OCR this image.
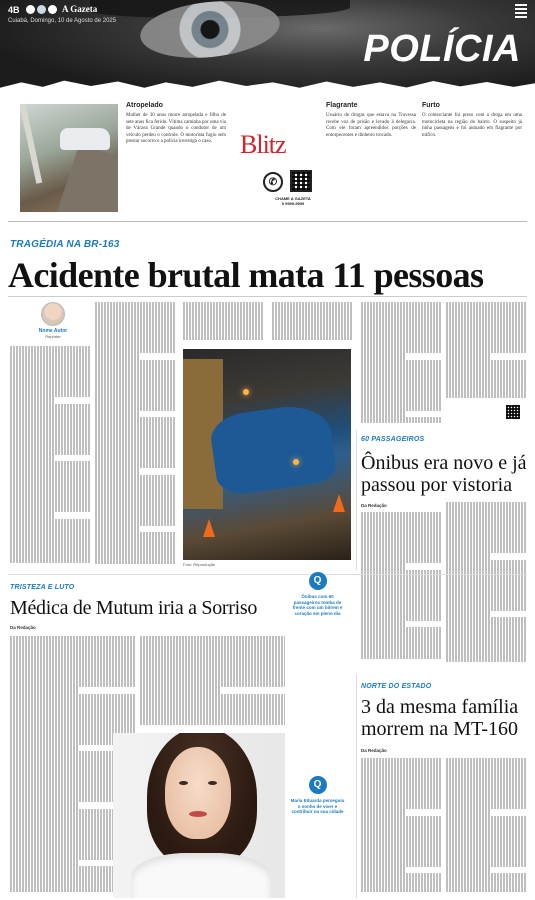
4B	A Gazeta
Cuiabá, Domingo, 10 de Agosto de 2025
POLÍCIA
Atropelado

Mulher de 30 anos morre atropelada e filho de sete anos fica ferido. Vítima caminha por uma via de Várzea Grande quando o condutor de um veículo perdeu o controle. O motorista fugiu sem prestar socorro e a polícia investiga o caso.	Blitz
✆
CHAME A GAZETA
9 9999-9999
Flagrante

Usuário de drogas que estava na Travessa recebe voz de prisão e levado à delegacia. Com ele foram apreendidos porções de entorpecentes e dinheiro trocado.

Furto

O comerciante foi preso com a droga em uma motocicleta na região do bairro. O suspeito já tinha passagens e foi autuado em flagrante por tráfico.

TRAGÉDIA NA BR-163
Acidente brutal mata 11 pessoas
Nome Autor
Repórter
Foto: Reprodução
60 PASSAGEIROS
Ônibus era novo e já passou por vistoria
Da Redação
TRISTEZA E LUTO
Médica de Mutum iria a Sorriso
Da Redação
Q

Ônibus com 60 passageiros tomba de frente com um bitrem e coração em pleno dia

Q

Maria Eduarda perseguiu o sonho de viver e contribuir na sua cidade

NORTE DO ESTADO
3 da mesma família morrem na MT-160
Da Redação
